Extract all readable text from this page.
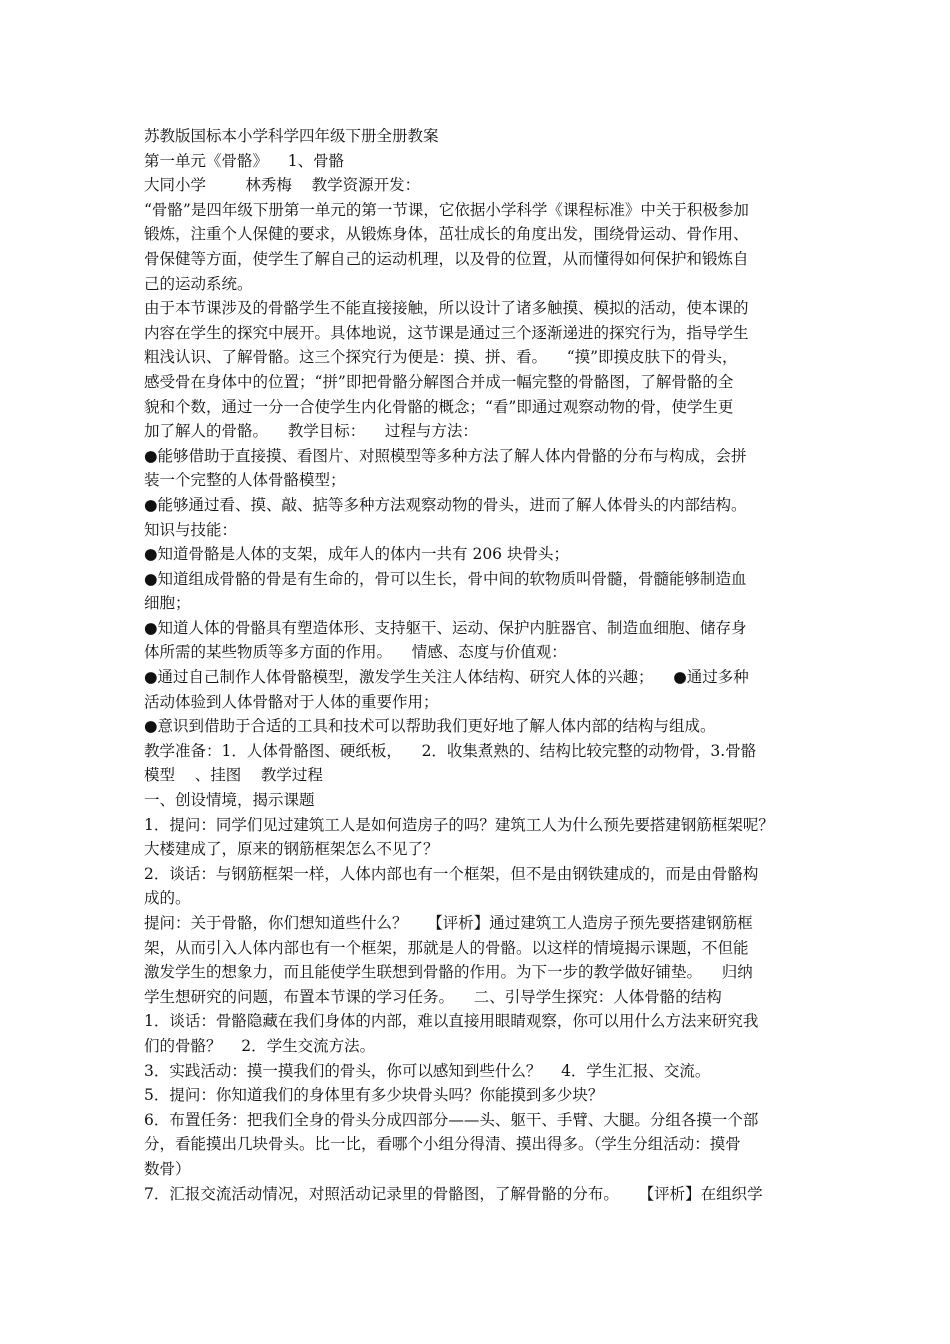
苏教版国标本小学科学四年级下册全册教案
第一单元《骨骼》    1、骨骼
大同小学        林秀梅    教学资源开发：
“骨骼”是四年级下册第一单元的第一节课，它依据小学科学《课程标准》中关于积极参加
锻炼，注重个人保健的要求，从锻炼身体，茁壮成长的角度出发，围绕骨运动、骨作用、
骨保健等方面，使学生了解自己的运动机理，以及骨的位置，从而懂得如何保护和锻炼自
己的运动系统。
由于本节课涉及的骨骼学生不能直接接触，所以设计了诸多触摸、模拟的活动，使本课的
内容在学生的探究中展开。具体地说，这节课是通过三个逐渐递进的探究行为，指导学生
粗浅认识、了解骨骼。这三个探究行为便是：摸、拼、看。    “摸”即摸皮肤下的骨头，
感受骨在身体中的位置；“拼”即把骨骼分解图合并成一幅完整的骨骼图，了解骨骼的全
貌和个数，通过一分一合使学生内化骨骼的概念；“看”即通过观察动物的骨，使学生更
加了解人的骨骼。    教学目标：    过程与方法：
●能够借助于直接摸、看图片、对照模型等多种方法了解人体内骨骼的分布与构成，会拼
装一个完整的人体骨骼模型；
●能够通过看、摸、敲、掂等多种方法观察动物的骨头，进而了解人体骨头的内部结构。
知识与技能：
●知道骨骼是人体的支架，成年人的体内一共有 206 块骨头；
●知道组成骨骼的骨是有生命的，骨可以生长，骨中间的软物质叫骨髓，骨髓能够制造血
细胞；
●知道人体的骨骼具有塑造体形、支持躯干、运动、保护内脏器官、制造血细胞、储存身
体所需的某些物质等多方面的作用。    情感、态度与价值观：
●通过自己制作人体骨骼模型，激发学生关注人体结构、研究人体的兴趣；    ●通过多种
活动体验到人体骨骼对于人体的重要作用；
●意识到借助于合适的工具和技术可以帮助我们更好地了解人体内部的结构与组成。
教学准备：1．人体骨骼图、硬纸板，    2．收集煮熟的、结构比较完整的动物骨，3.骨骼
模型    、挂图    教学过程
一、创设情境，揭示课题
1．提问：同学们见过建筑工人是如何造房子的吗？建筑工人为什么预先要搭建钢筋框架呢？
大楼建成了，原来的钢筋框架怎么不见了？
2．谈话：与钢筋框架一样，人体内部也有一个框架，但不是由钢铁建成的，而是由骨骼构
成的。
提问：关于骨骼，你们想知道些什么？    【评析】通过建筑工人造房子预先要搭建钢筋框
架，从而引入人体内部也有一个框架，那就是人的骨骼。以这样的情境揭示课题，不但能
激发学生的想象力，而且能使学生联想到骨骼的作用。为下一步的教学做好铺垫。    归纳
学生想研究的问题，布置本节课的学习任务。    二、引导学生探究：人体骨骼的结构
1．谈话：骨骼隐藏在我们身体的内部，难以直接用眼睛观察，你可以用什么方法来研究我
们的骨骼？    2．学生交流方法。
3．实践活动：摸一摸我们的骨头，你可以感知到些什么？    4．学生汇报、交流。
5．提问：你知道我们的身体里有多少块骨头吗？你能摸到多少块？
6．布置任务：把我们全身的骨头分成四部分——头、躯干、手臂、大腿。分组各摸一个部
分，看能摸出几块骨头。比一比，看哪个小组分得清、摸出得多。（学生分组活动：摸骨
数骨）
7．汇报交流活动情况，对照活动记录里的骨骼图，了解骨骼的分布。    【评析】在组织学
